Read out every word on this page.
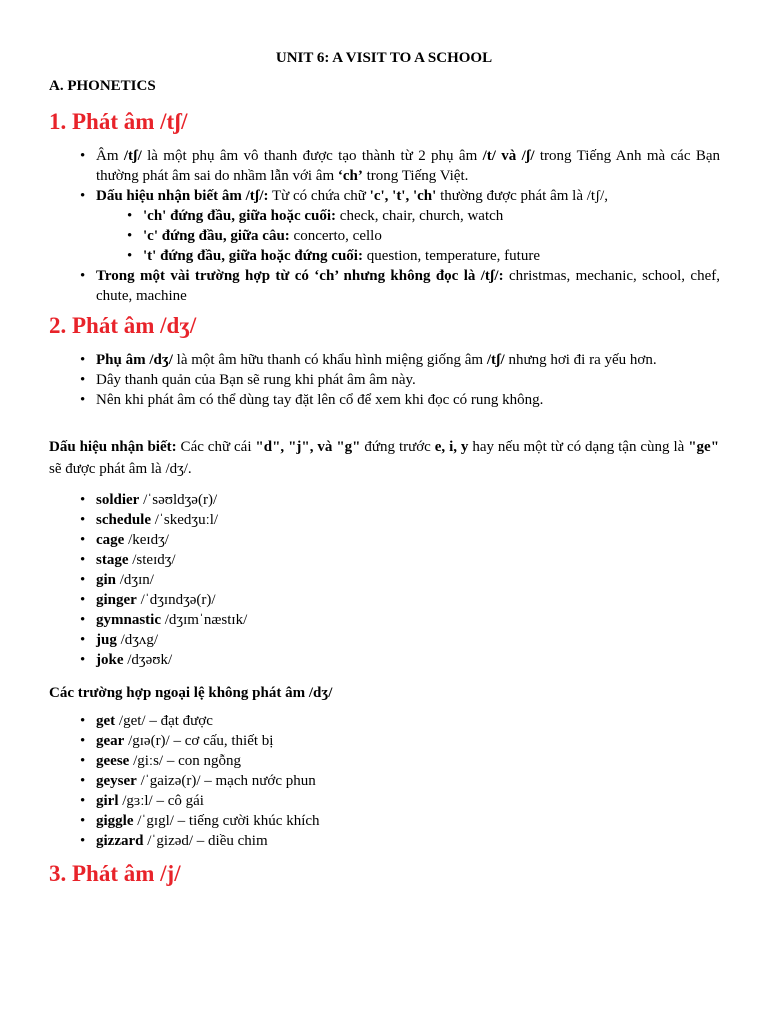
UNIT 6: A VISIT TO A SCHOOL

A. PHONETICS

1. Phát âm /tʃ/

• Âm /tʃ/ là một phụ âm vô thanh được tạo thành từ 2 phụ âm /t/ và /ʃ/ trong Tiếng Anh mà các Bạn thường phát âm sai do nhầm lẫn với âm ‘ch’ trong Tiếng Việt.
• Dấu hiệu nhận biết âm /tʃ/: Từ có chứa chữ 'c', 't', 'ch' thường được phát âm là /tʃ/,
• 'ch' đứng đầu, giữa hoặc cuối: check, chair, church, watch
• 'c' đứng đầu, giữa câu: concerto, cello
• 't' đứng đầu, giữa hoặc đứng cuối: question, temperature, future
• Trong một vài trường hợp từ có ‘ch’ nhưng không đọc là /tʃ/: christmas, mechanic, school, chef, chute, machine

2. Phát âm /dʒ/

• Phụ âm /dʒ/ là một âm hữu thanh có khẩu hình miệng giống âm /tʃ/ nhưng hơi đi ra yếu hơn.
• Dây thanh quản của Bạn sẽ rung khi phát âm âm này.
• Nên khi phát âm có thể dùng tay đặt lên cổ để xem khi đọc có rung không.

Dấu hiệu nhận biết: Các chữ cái "d", "j", và "g" đứng trước e, i, y hay nếu một từ có dạng tận cùng là "ge" sẽ được phát âm là /dʒ/.

• soldier /ˈsəʊldʒə(r)/
• schedule /ˈskedʒuːl/
• cage /keɪdʒ/
• stage /steɪdʒ/
• gin /dʒɪn/
• ginger /ˈdʒɪndʒə(r)/
• gymnastic /dʒɪmˈnæstɪk/
• jug /dʒʌg/
• joke /dʒəʊk/

Các trường hợp ngoại lệ không phát âm /dʒ/

• get /get/ – đạt được
• gear /gɪə(r)/ – cơ cấu, thiết bị
• geese /giːs/ – con ngỗng
• geyser /ˈgaizə(r)/ – mạch nước phun
• girl /gɜːl/ – cô gái
• giggle /ˈgɪgl/ – tiếng cười khúc khích
• gizzard /ˈgizəd/ – diều chim

3. Phát âm /j/
